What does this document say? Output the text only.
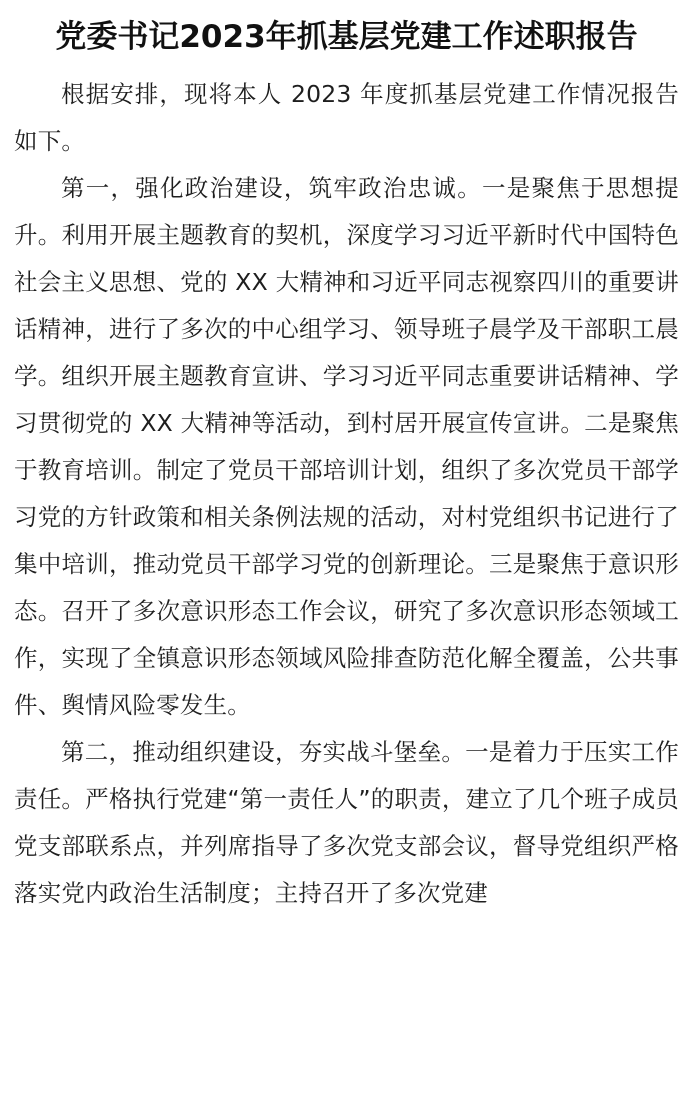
党委书记2023年抓基层党建工作述职报告

根据安排，现将本人 2023 年度抓基层党建工作情况报告如下。

第一，强化政治建设，筑牢政治忠诚。一是聚焦于思想提升。利用开展主题教育的契机，深度学习习近平新时代中国特色社会主义思想、党的 XX 大精神和习近平同志视察四川的重要讲话精神，进行了多次的中心组学习、领导班子晨学及干部职工晨学。组织开展主题教育宣讲、学习习近平同志重要讲话精神、学习贯彻党的 XX 大精神等活动，到村居开展宣传宣讲。二是聚焦于教育培训。制定了党员干部培训计划，组织了多次党员干部学习党的方针政策和相关条例法规的活动，对村党组织书记进行了集中培训，推动党员干部学习党的创新理论。三是聚焦于意识形态。召开了多次意识形态工作会议，研究了多次意识形态领域工作，实现了全镇意识形态领域风险排查防范化解全覆盖，公共事件、舆情风险零发生。

第二，推动组织建设，夯实战斗堡垒。一是着力于压实工作责任。严格执行党建“第一责任人”的职责，建立了几个班子成员党支部联系点，并列席指导了多次党支部会议，督导党组织严格落实党内政治生活制度；主持召开了多次党建
